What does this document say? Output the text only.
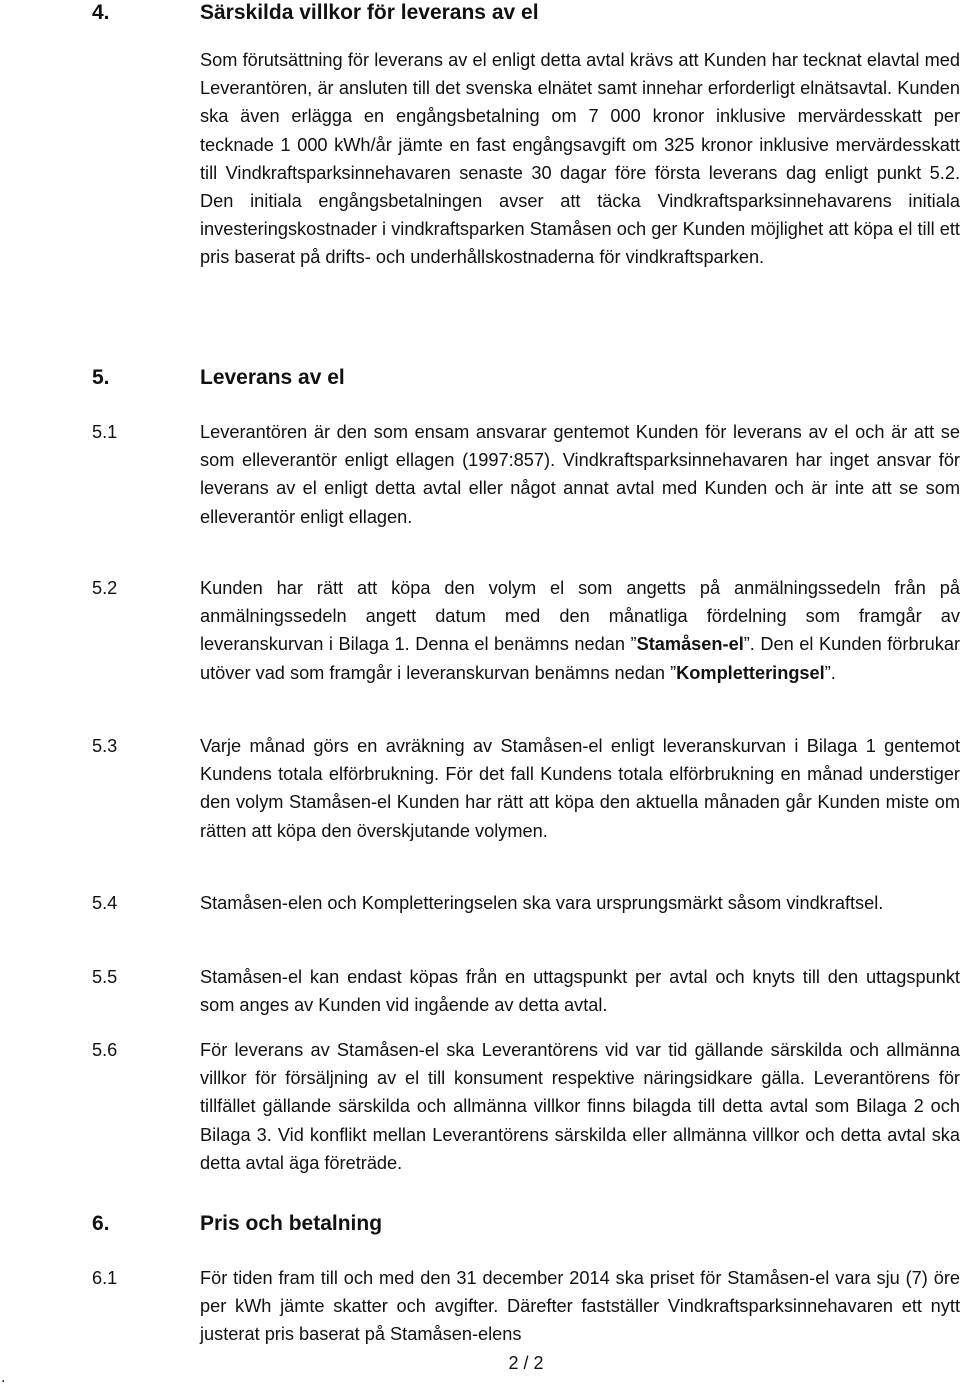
4.	Särskilda villkor för leverans av el

Som förutsättning för leverans av el enligt detta avtal krävs att Kunden har tecknat elavtal med Leverantören, är ansluten till det svenska elnätet samt innehar erforderligt elnätsavtal. Kunden ska även erlägga en engångsbetalning om 7 000 kronor inklusive mervärdesskatt per tecknade 1 000 kWh/år jämte en fast engångsavgift om 325 kronor inklusive mervärdesskatt till Vindkraftsparksinnehavaren senaste 30 dagar före första leverans dag enligt punkt 5.2. Den initiala engångsbetalningen avser att täcka Vindkraftsparksinnehavarens initiala investeringskostnader i vindkraftsparken Stamåsen och ger Kunden möjlighet att köpa el till ett pris baserat på drifts- och underhållskostnaderna för vindkraftsparken.

5.	Leverans av el
5.1	Leverantören är den som ensam ansvarar gentemot Kunden för leverans av el och är att se som elleverantör enligt ellagen (1997:857). Vindkraftsparksinnehavaren har inget ansvar för leverans av el enligt detta avtal eller något annat avtal med Kunden och är inte att se som elleverantör enligt ellagen.

5.2	Kunden har rätt att köpa den volym el som angetts på anmälningssedeln från på anmälningssedeln angett datum med den månatliga fördelning som framgår av leveranskurvan i Bilaga 1. Denna el benämns nedan ”Stamåsen-el”. Den el Kunden förbrukar utöver vad som framgår i leveranskurvan benämns nedan ”Kompletteringsel”.

5.3	Varje månad görs en avräkning av Stamåsen-el enligt leveranskurvan i Bilaga 1 gentemot Kundens totala elförbrukning. För det fall Kundens totala elförbrukning en månad understiger den volym Stamåsen-el Kunden har rätt att köpa den aktuella månaden går Kunden miste om rätten att köpa den överskjutande volymen.

5.4	Stamåsen-elen och Kompletteringselen ska vara ursprungsmärkt såsom vindkraftsel.

5.5	Stamåsen-el kan endast köpas från en uttagspunkt per avtal och knyts till den uttagspunkt som anges av Kunden vid ingående av detta avtal.

5.6	För leverans av Stamåsen-el ska Leverantörens vid var tid gällande särskilda och allmänna villkor för försäljning av el till konsument respektive näringsidkare gälla. Leverantörens för tillfället gällande särskilda och allmänna villkor finns bilagda till detta avtal som Bilaga 2 och Bilaga 3. Vid konflikt mellan Leverantörens särskilda eller allmänna villkor och detta avtal ska detta avtal äga företräde.

6.	Pris och betalning
6.1	För tiden fram till och med den 31 december 2014 ska priset för Stamåsen-el vara sju (7) öre per kWh jämte skatter och avgifter. Därefter fastställer Vindkraftsparksinnehavaren ett nytt justerat pris baserat på Stamåsen-elens

2 / 2
.
